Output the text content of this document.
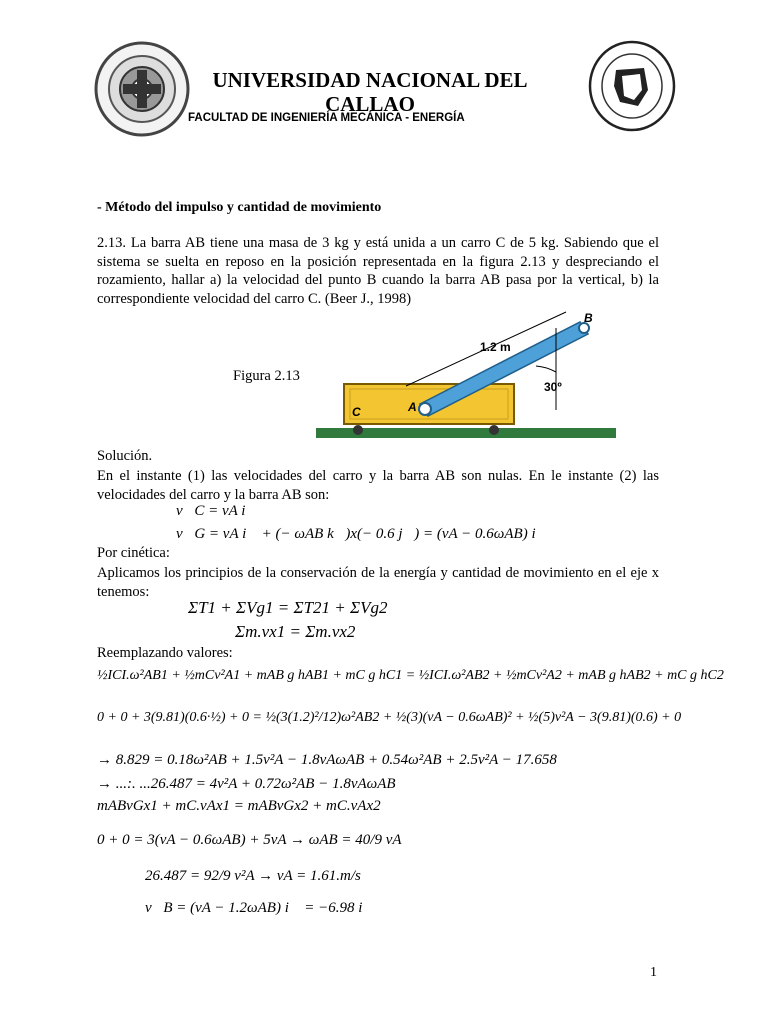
UNIVERSIDAD NACIONAL DEL
CALLAO
FACULTAD DE INGENIERÍA MECÁNICA - ENERGÍA
- Método del impulso y cantidad de movimiento
2.13. La barra AB tiene una masa de 3 kg y está unida a un carro C de 5 kg. Sabiendo que el sistema se suelta en reposo en la posición representada en la figura 2.13 y despreciando el rozamiento, hallar a) la velocidad del punto B cuando la barra AB pasa por la vertical, b) la correspondiente velocidad del carro C. (Beer J., 1998)
Figura 2.13
B
A
C
1.2 m
30º
Solución.
En el instante (1) las velocidades del carro y la barra AB son nulas. En le instante (2) las velocidades del carro y la barra AB son:
v⃗C = vA i⃗
v⃗G = vA i⃗ + (− ωAB k⃗)x(− 0.6 j⃗) = (vA − 0.6ωAB) i⃗
Por cinética:
Aplicamos los principios de la conservación de la energía y cantidad de movimiento en el eje x tenemos:
ΣT1 + ΣVg1 = ΣT21 + ΣVg2
Σm.vx1 = Σm.vx2
Reemplazando valores:
½ICI.ω²AB1 + ½mCv²A1 + mAB g hAB1 + mC g hC1 = ½ICI.ω²AB2 + ½mCv²A2 + mAB g hAB2 + mC g hC2
0 + 0 + 3(9.81)(0.6·½) + 0 = ½(3(1.2)²/12)ω²AB2 + ½(3)(vA − 0.6ωAB)² + ½(5)v²A − 3(9.81)(0.6) + 0
→ 8.829 = 0.18ω²AB + 1.5v²A − 1.8vAωAB + 0.54ω²AB + 2.5v²A − 17.658
→ ...:. ...26.487 = 4v²A + 0.72ω²AB − 1.8vAωAB
mABvGx1 + mC.vAx1 = mABvGx2 + mC.vAx2
0 + 0 = 3(vA − 0.6ωAB) + 5vA → ωAB = 40/9 vA
26.487 = 92/9 v²A → vA = 1.61.m/s
v⃗B = (vA − 1.2ωAB) i⃗ = −6.98 i⃗
1
